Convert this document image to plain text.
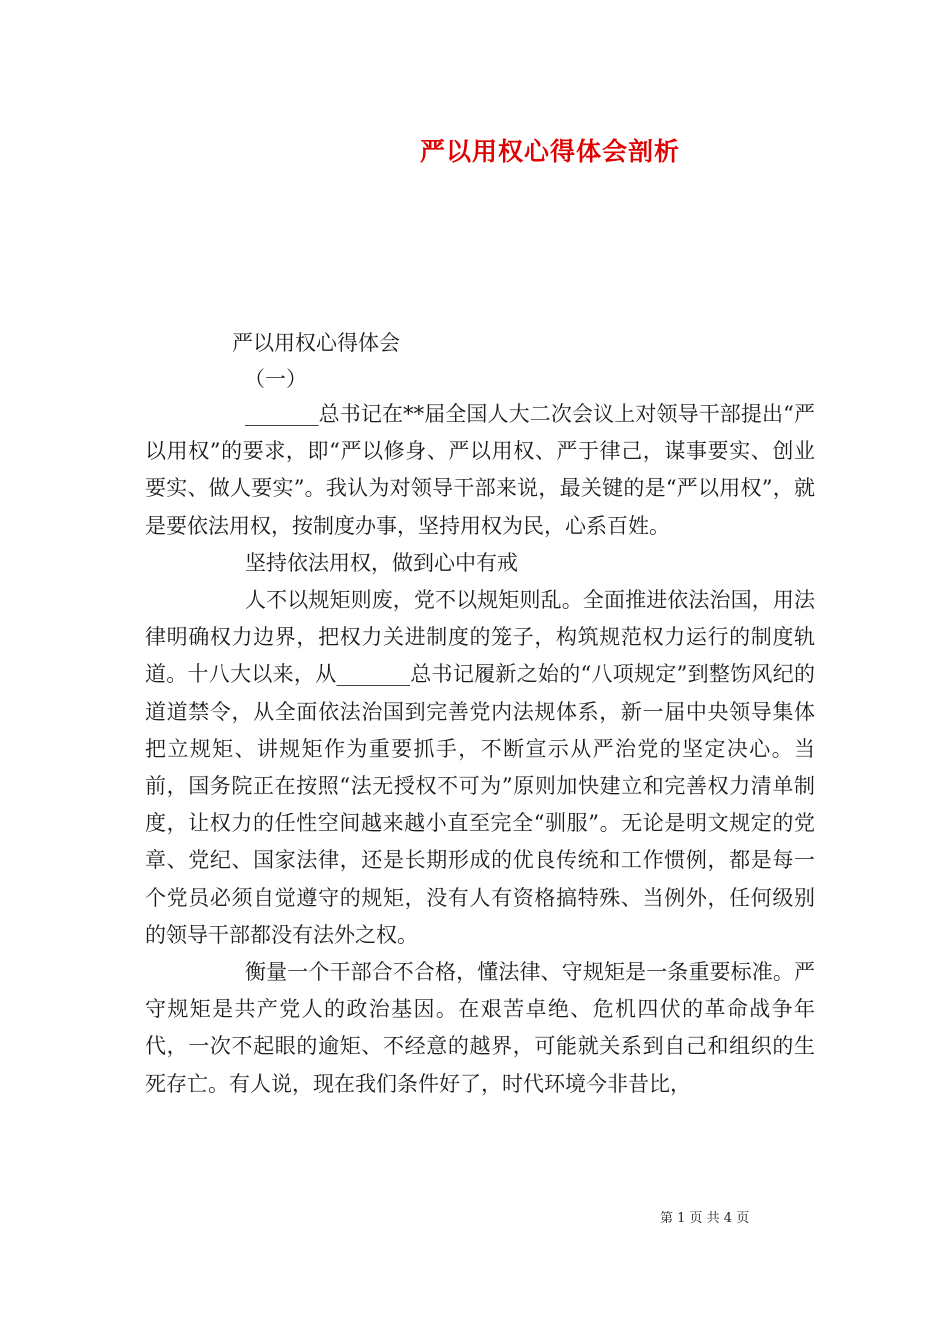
严以用权心得体会剖析
严以用权心得体会
（一）

_______总书记在**届全国人大二次会议上对领导干部提出“严以用权”的要求，即“严以修身、严以用权、严于律己，谋事要实、创业要实、做人要实”。我认为对领导干部来说，最关键的是“严以用权”，就是要依法用权，按制度办事，坚持用权为民，心系百姓。

坚持依法用权，做到心中有戒

人不以规矩则废，党不以规矩则乱。全面推进依法治国，用法律明确权力边界，把权力关进制度的笼子，构筑规范权力运行的制度轨道。十八大以来，从_______总书记履新之始的“八项规定”到整饬风纪的道道禁令，从全面依法治国到完善党内法规体系，新一届中央领导集体把立规矩、讲规矩作为重要抓手，不断宣示从严治党的坚定决心。当前，国务院正在按照“法无授权不可为”原则加快建立和完善权力清单制度，让权力的任性空间越来越小直至完全“驯服”。无论是明文规定的党章、党纪、国家法律，还是长期形成的优良传统和工作惯例，都是每一个党员必须自觉遵守的规矩，没有人有资格搞特殊、当例外，任何级别的领导干部都没有法外之权。

衡量一个干部合不合格，懂法律、守规矩是一条重要标准。严守规矩是共产党人的政治基因。在艰苦卓绝、危机四伏的革命战争年代，一次不起眼的逾矩、不经意的越界，可能就关系到自己和组织的生死存亡。有人说，现在我们条件好了，时代环境今非昔比，

第 1 页 共 4 页
